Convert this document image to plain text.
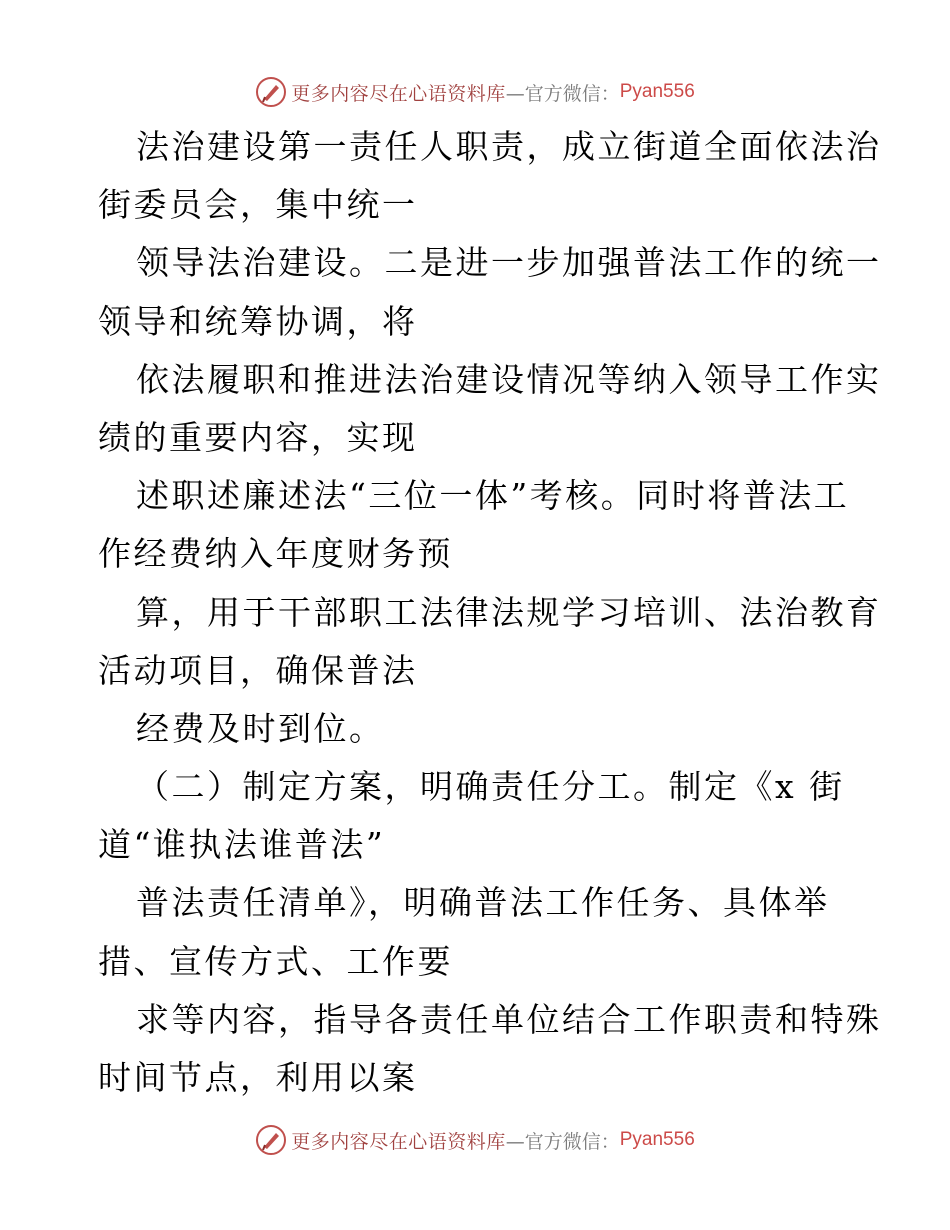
更多内容尽在心语资料库 —官方微信： Pyan556
法治建设第一责任人职责，成立街道全面依法治
街委员会，集中统一
领导法治建设。二是进一步加强普法工作的统一
领导和统筹协调，将
依法履职和推进法治建设情况等纳入领导工作实
绩的重要内容，实现
述职述廉述法“三位一体”考核。同时将普法工
作经费纳入年度财务预
算，用于干部职工法律法规学习培训、法治教育
活动项目，确保普法
经费及时到位。
（二）制定方案，明确责任分工。制定《x 街
道“谁执法谁普法”
普法责任清单》，明确普法工作任务、具体举
措、宣传方式、工作要
求等内容，指导各责任单位结合工作职责和特殊
时间节点，利用以案
更多内容尽在心语资料库 —官方微信： Pyan556
